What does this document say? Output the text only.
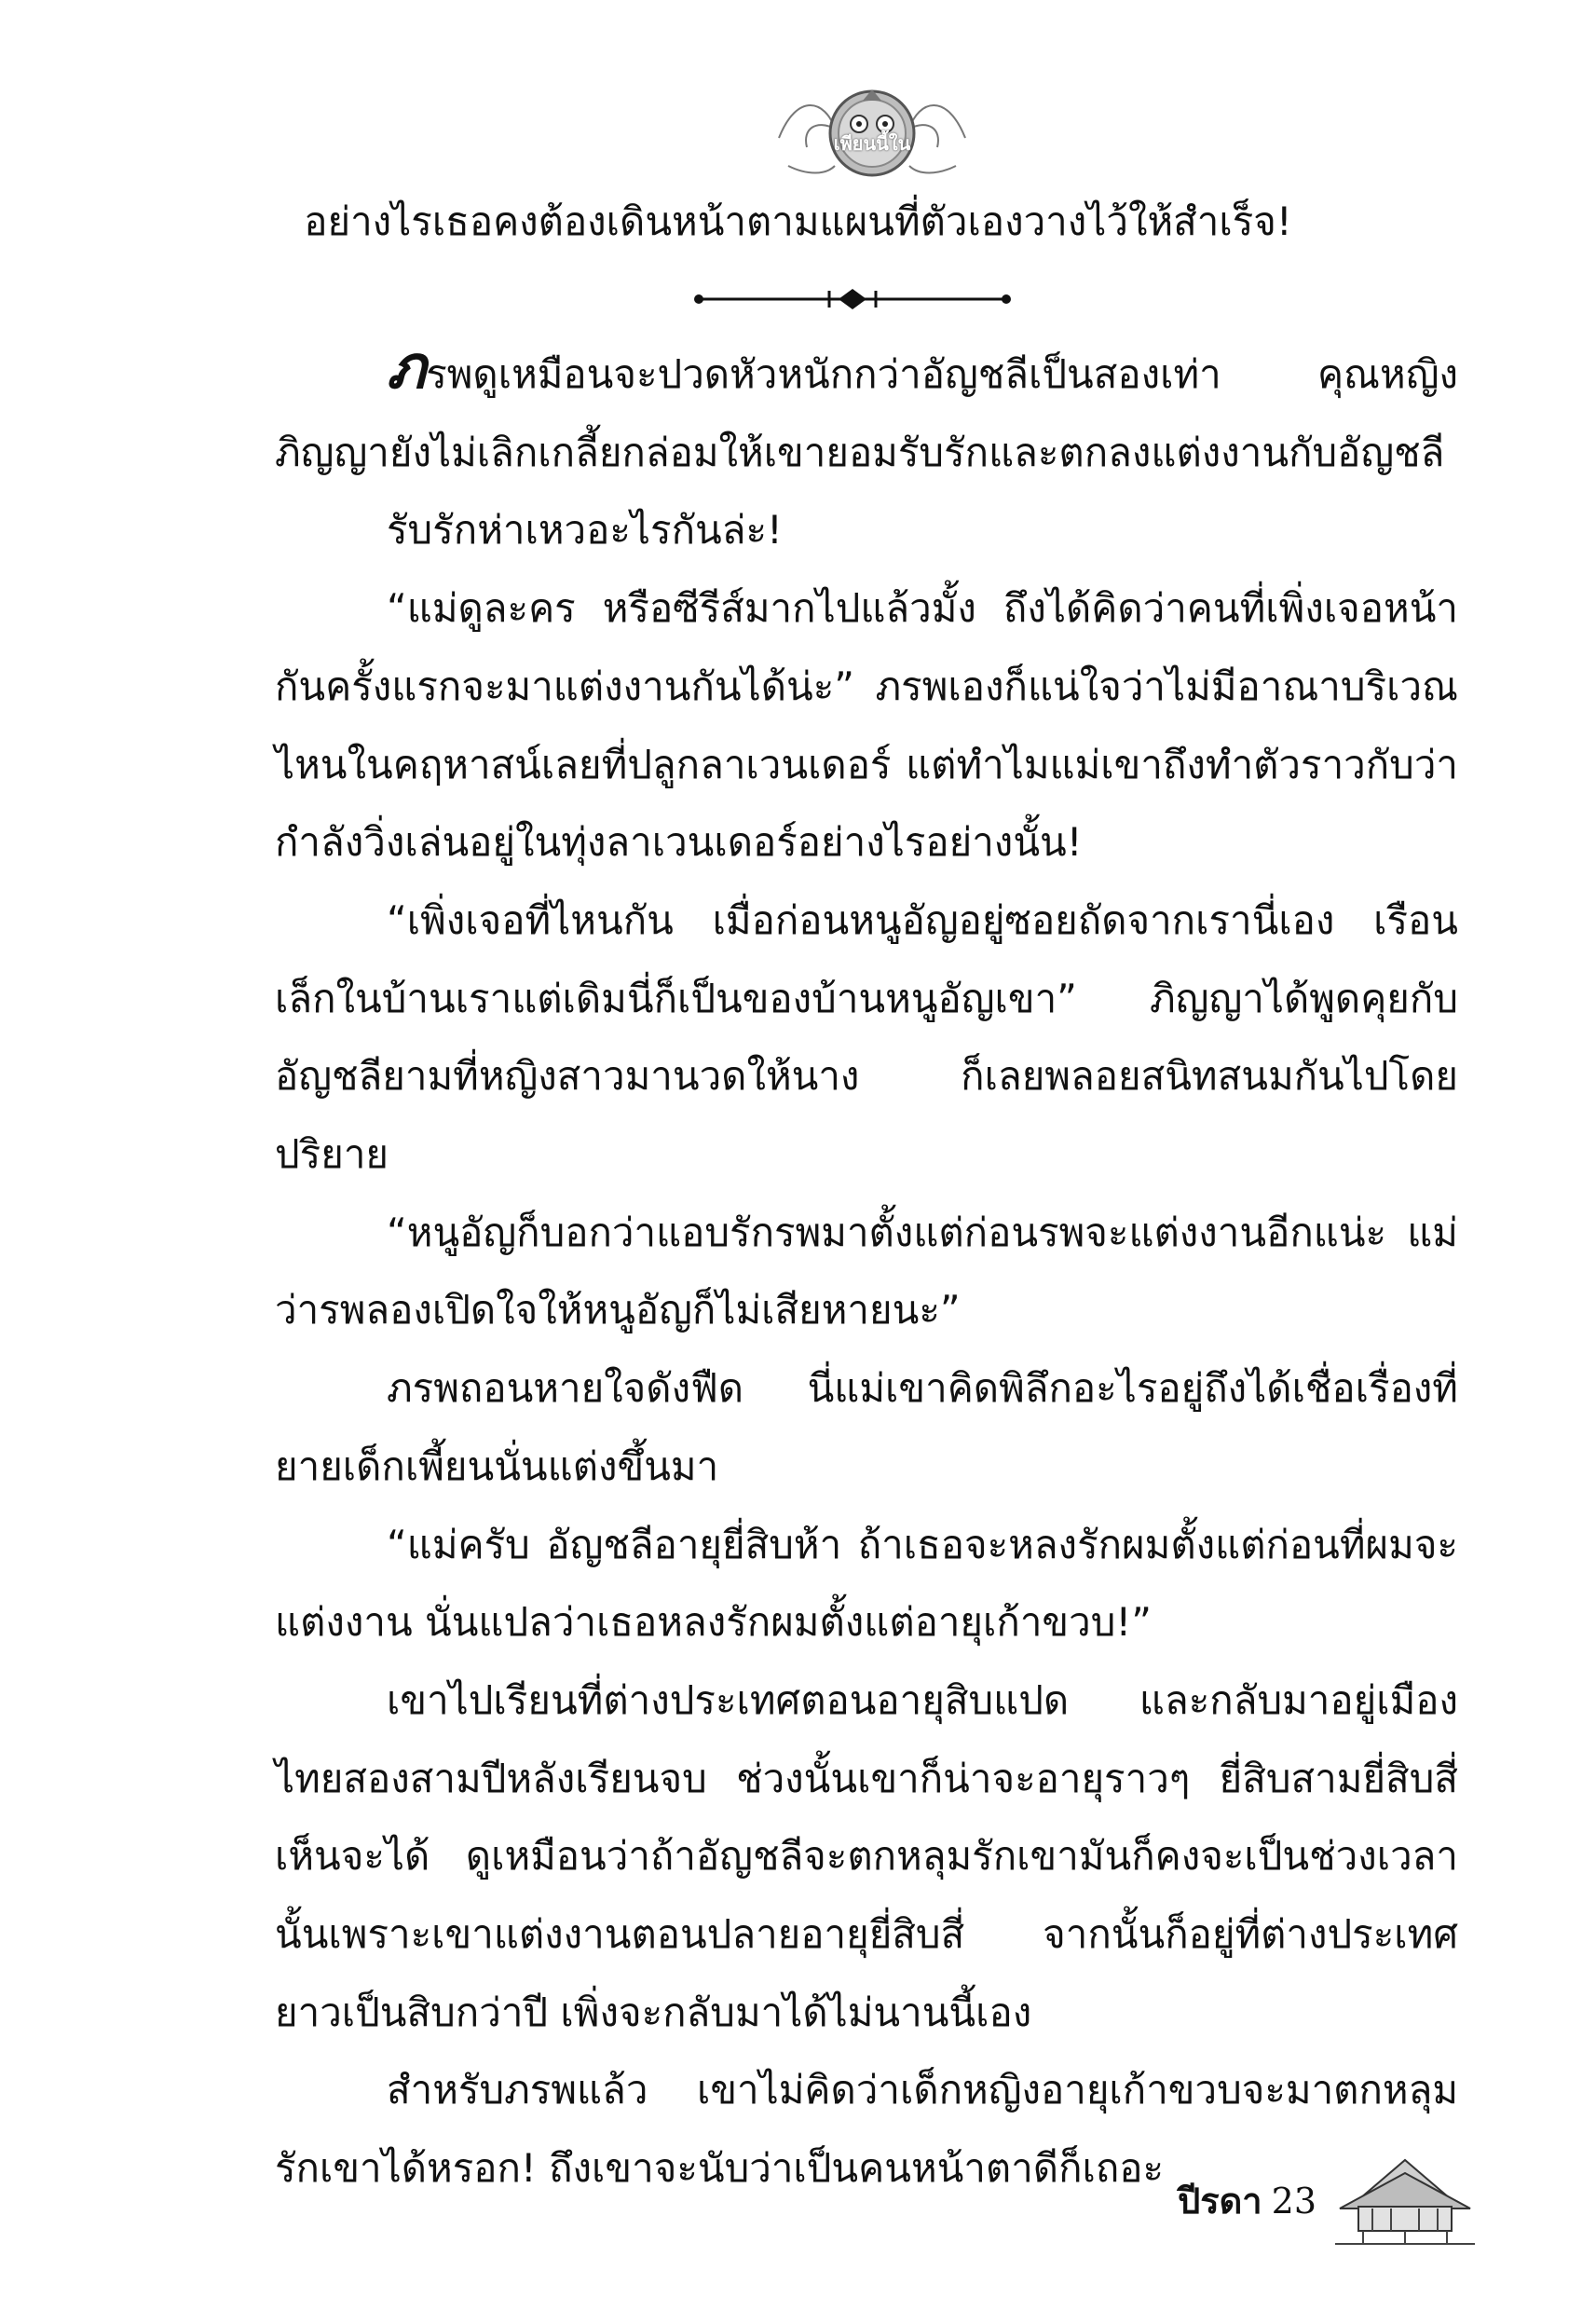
เพียนนี้ใน
อย่างไรเธอคงต้องเดินหน้าตามแผนที่ตัวเองวางไว้ให้สำเร็จ!

ภรพดูเหมือนจะปวดหัวหนักกว่าอัญชลีเป็นสองเท่า คุณหญิงภิญญายังไม่เลิกเกลี้ยกล่อมให้เขายอมรับรักและตกลงแต่งงานกับอัญชลี

รับรักห่าเหวอะไรกันล่ะ!

“แม่ดูละคร หรือซีรีส์มากไปแล้วมั้ง ถึงได้คิดว่าคนที่เพิ่งเจอหน้ากันครั้งแรกจะมาแต่งงานกันได้น่ะ” ภรพเองก็แน่ใจว่าไม่มีอาณาบริเวณไหนในคฤหาสน์เลยที่ปลูกลาเวนเดอร์ แต่ทำไมแม่เขาถึงทำตัวราวกับว่ากำลังวิ่งเล่นอยู่ในทุ่งลาเวนเดอร์อย่างไรอย่างนั้น!

“เพิ่งเจอที่ไหนกัน เมื่อก่อนหนูอัญอยู่ซอยถัดจากเรานี่เอง เรือนเล็กในบ้านเราแต่เดิมนี่ก็เป็นของบ้านหนูอัญเขา” ภิญญาได้พูดคุยกับอัญชลียามที่หญิงสาวมานวดให้นาง ก็เลยพลอยสนิทสนมกันไปโดยปริยาย

“หนูอัญก็บอกว่าแอบรักรพมาตั้งแต่ก่อนรพจะแต่งงานอีกแน่ะ แม่ว่ารพลองเปิดใจให้หนูอัญก็ไม่เสียหายนะ”

ภรพถอนหายใจดังฟืด นี่แม่เขาคิดพิลึกอะไรอยู่ถึงได้เชื่อเรื่องที่ยายเด็กเพี้ยนนั่นแต่งขึ้นมา

“แม่ครับ อัญชลีอายุยี่สิบห้า ถ้าเธอจะหลงรักผมตั้งแต่ก่อนที่ผมจะแต่งงาน นั่นแปลว่าเธอหลงรักผมตั้งแต่อายุเก้าขวบ!”

เขาไปเรียนที่ต่างประเทศตอนอายุสิบแปด และกลับมาอยู่เมืองไทยสองสามปีหลังเรียนจบ ช่วงนั้นเขาก็น่าจะอายุราวๆ ยี่สิบสามยี่สิบสี่เห็นจะได้ ดูเหมือนว่าถ้าอัญชลีจะตกหลุมรักเขามันก็คงจะเป็นช่วงเวลานั้นเพราะเขาแต่งงานตอนปลายอายุยี่สิบสี่ จากนั้นก็อยู่ที่ต่างประเทศยาวเป็นสิบกว่าปี เพิ่งจะกลับมาได้ไม่นานนี้เอง

สำหรับภรพแล้ว เขาไม่คิดว่าเด็กหญิงอายุเก้าขวบจะมาตกหลุมรักเขาได้หรอก! ถึงเขาจะนับว่าเป็นคนหน้าตาดีก็เถอะ

ปีรดา 23
